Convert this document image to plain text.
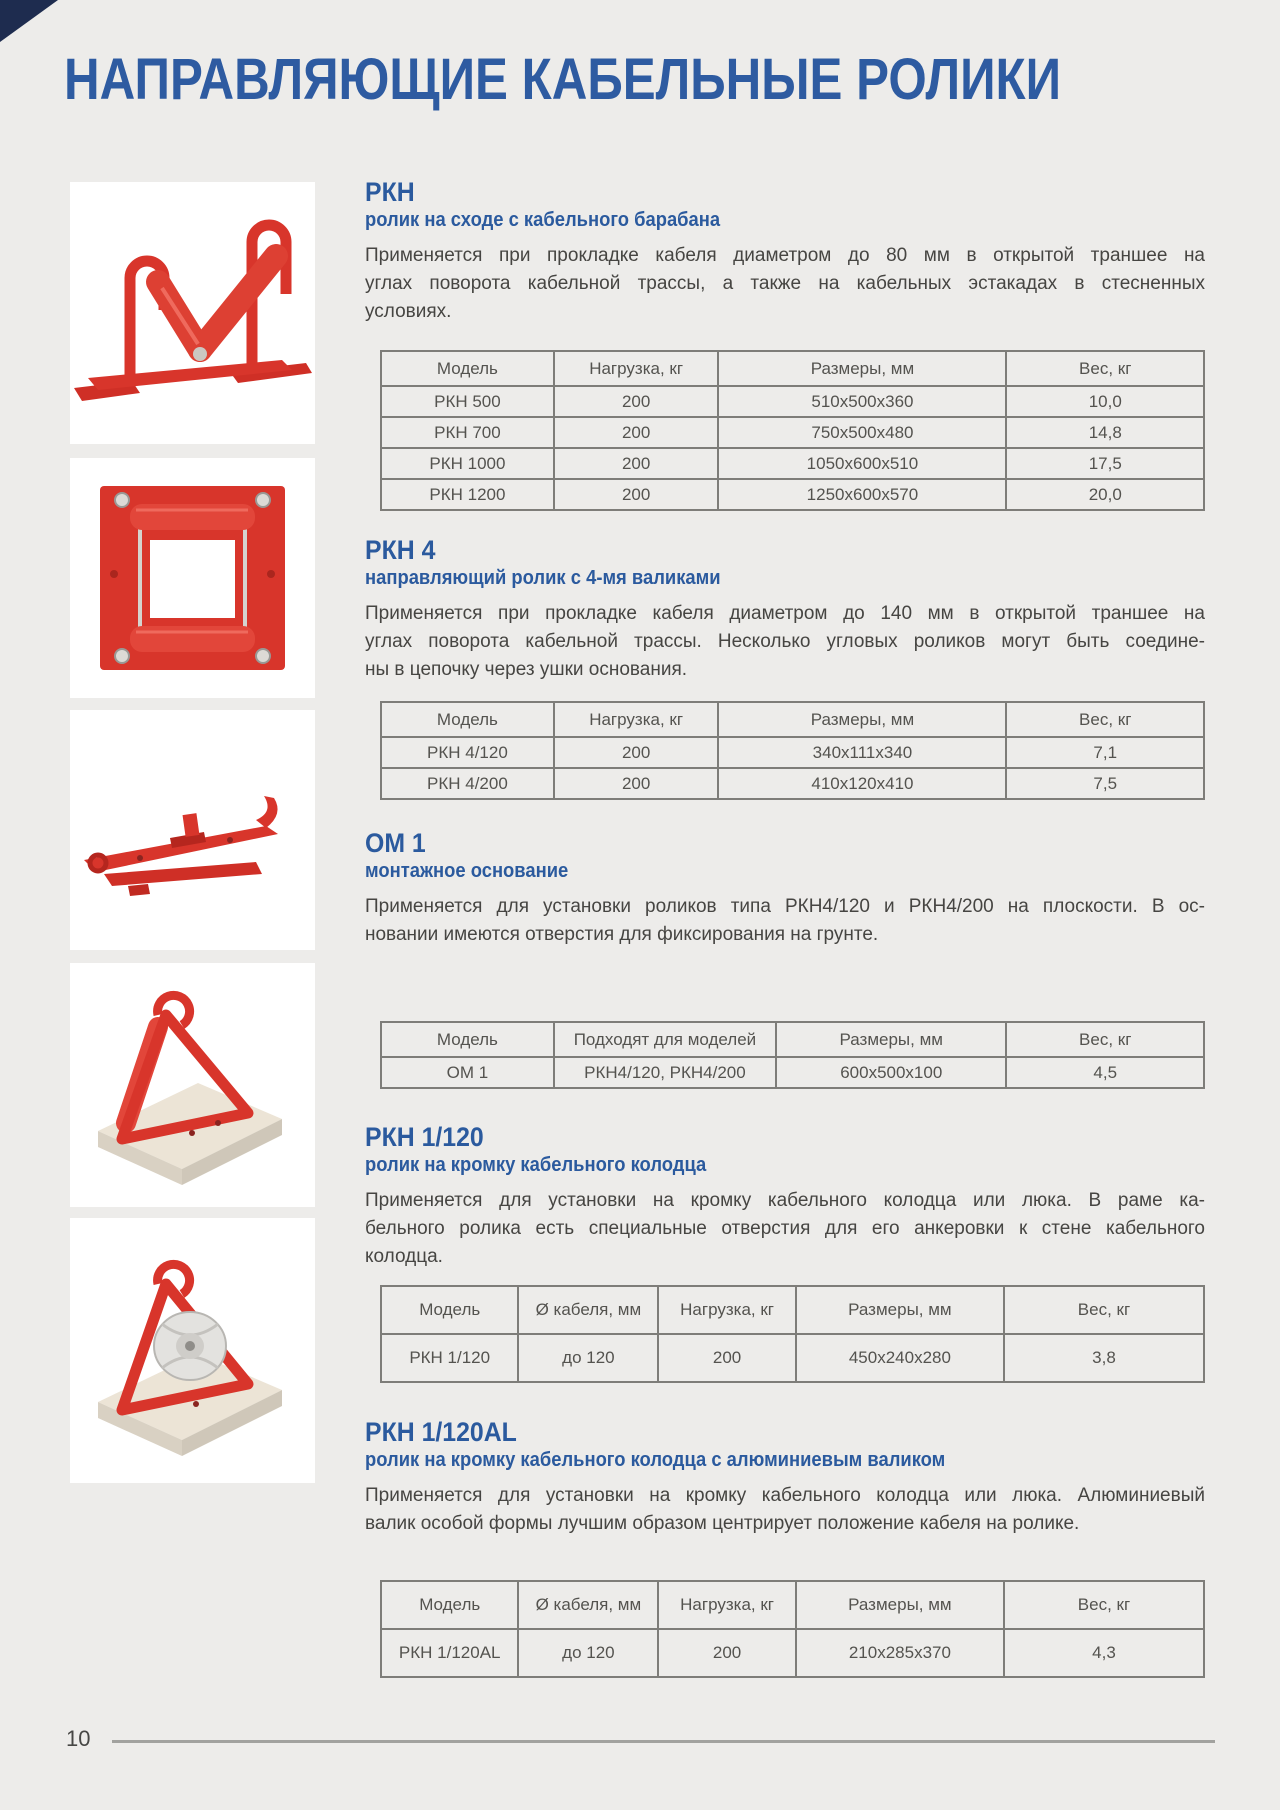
НАПРАВЛЯЮЩИЕ КАБЕЛЬНЫЕ РОЛИКИ
РКН
ролик на сходе с кабельного барабана
Применяется при прокладке кабеля диаметром до 80 мм в открытой траншее на
углах поворота кабельной трассы, а также на кабельных эстакадах в стесненных
условиях.
Модель	Нагрузка, кг	Размеры, мм	Вес, кг
РКН 500	200	510x500x360	10,0
РКН 700	200	750x500x480	14,8
РКН 1000	200	1050x600x510	17,5
РКН 1200	200	1250x600x570	20,0
РКН 4
направляющий ролик с 4-мя валиками
Применяется при прокладке кабеля диаметром до 140 мм в открытой траншее на
углах поворота кабельной трассы. Несколько угловых роликов могут быть соедине-
ны в цепочку через ушки основания.
Модель	Нагрузка, кг	Размеры, мм	Вес, кг
РКН 4/120	200	340x111x340	7,1
РКН 4/200	200	410x120x410	7,5
ОМ 1
монтажное основание
Применяется для установки роликов типа РКН4/120 и РКН4/200 на плоскости. В ос-
новании имеются отверстия для фиксирования на грунте.
Модель	Подходят для моделей	Размеры, мм	Вес, кг
ОМ 1	РКН4/120, РКН4/200	600x500x100	4,5
РКН 1/120
ролик на кромку кабельного колодца
Применяется для установки на кромку кабельного колодца или люка. В раме ка-
бельного ролика есть специальные отверстия для его анкеровки к стене кабельного
колодца.
Модель	Ø кабеля, мм	Нагрузка, кг	Размеры, мм	Вес, кг
РКН 1/120	до 120	200	450x240x280	3,8
РКН 1/120AL
ролик на кромку кабельного колодца с алюминиевым валиком
Применяется для установки на кромку кабельного колодца или люка. Алюминиевый
валик особой формы лучшим образом центрирует положение кабеля на ролике.
Модель	Ø кабеля, мм	Нагрузка, кг	Размеры, мм	Вес, кг
РКН 1/120AL	до 120	200	210x285x370	4,3
10
